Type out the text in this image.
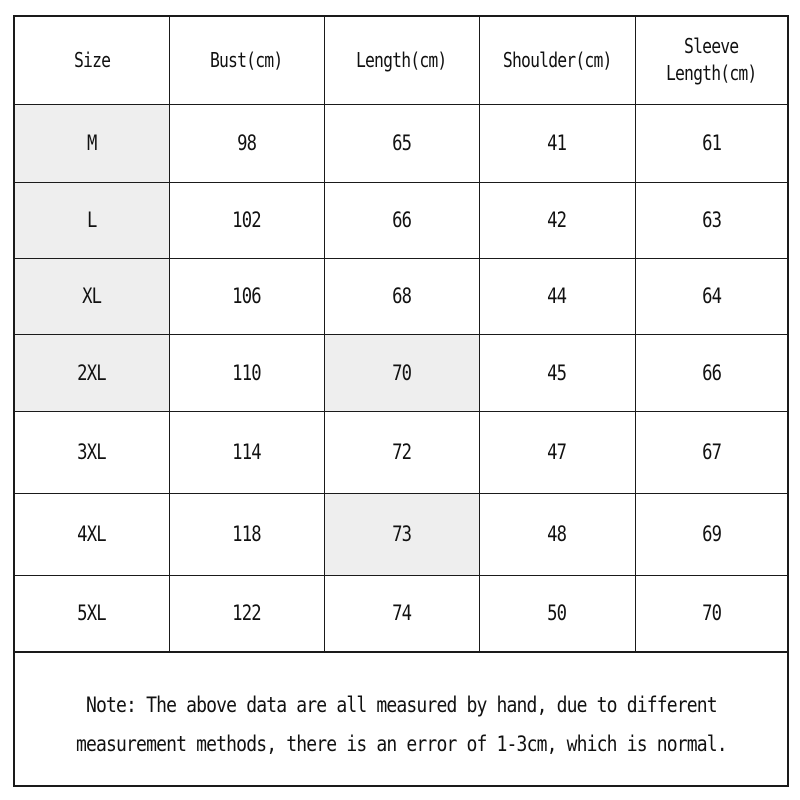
Size	Bust(cm)	Length(cm)	Shoulder(cm)	Sleeve
Length(cm)
M	98	65	41	61
L	102	66	42	63
XL	106	68	44	64
2XL	110	70	45	66
3XL	114	72	47	67
4XL	118	73	48	69
5XL	122	74	50	70
Note: The above data are all measured by hand, due to different
measurement methods, there is an error of 1-3cm, which is normal.
